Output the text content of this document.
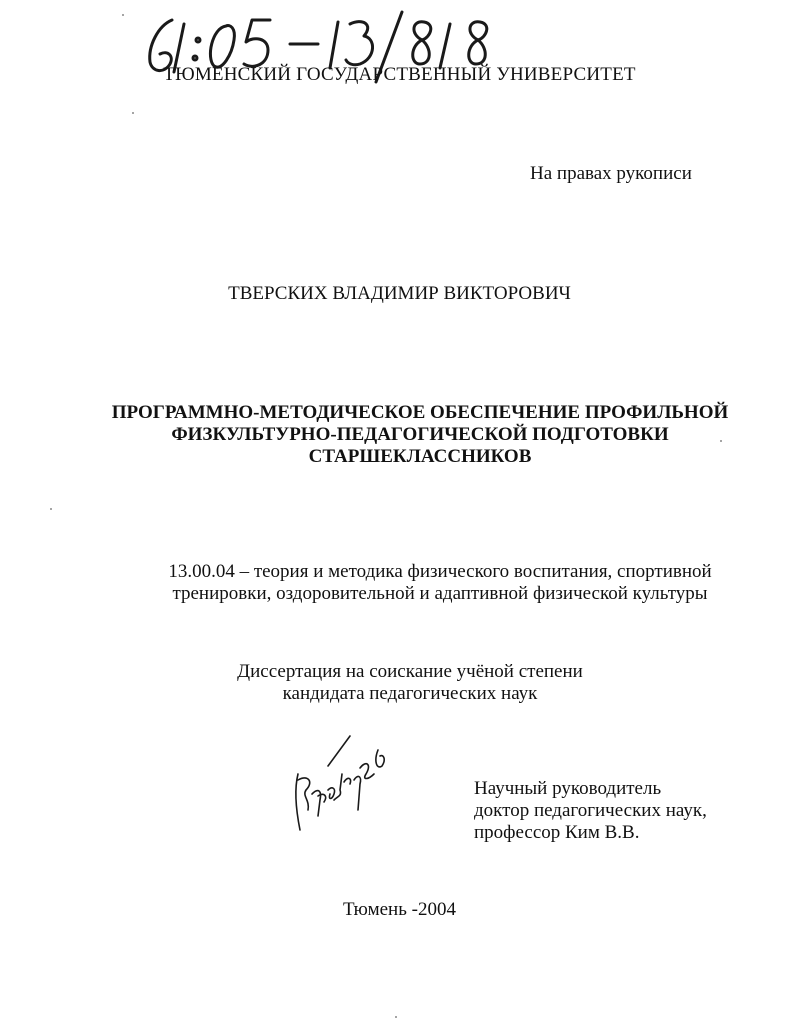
ТЮМЕНСКИЙ ГОСУДАРСТВЕННЫЙ УНИВЕРСИТЕТ
На правах рукописи
ТВЕРСКИХ ВЛАДИМИР ВИКТОРОВИЧ
ПРОГРАММНО-МЕТОДИЧЕСКОЕ ОБЕСПЕЧЕНИЕ ПРОФИЛЬНОЙ
ФИЗКУЛЬТУРНО-ПЕДАГОГИЧЕСКОЙ ПОДГОТОВКИ
СТАРШЕКЛАССНИКОВ
13.00.04 – теория и методика физического воспитания, спортивной
тренировки, оздоровительной и адаптивной физической культуры
Диссертация на соискание учёной степени
кандидата педагогических наук
Научный руководитель
доктор педагогических наук,
профессор Ким В.В.
Тюмень -2004
